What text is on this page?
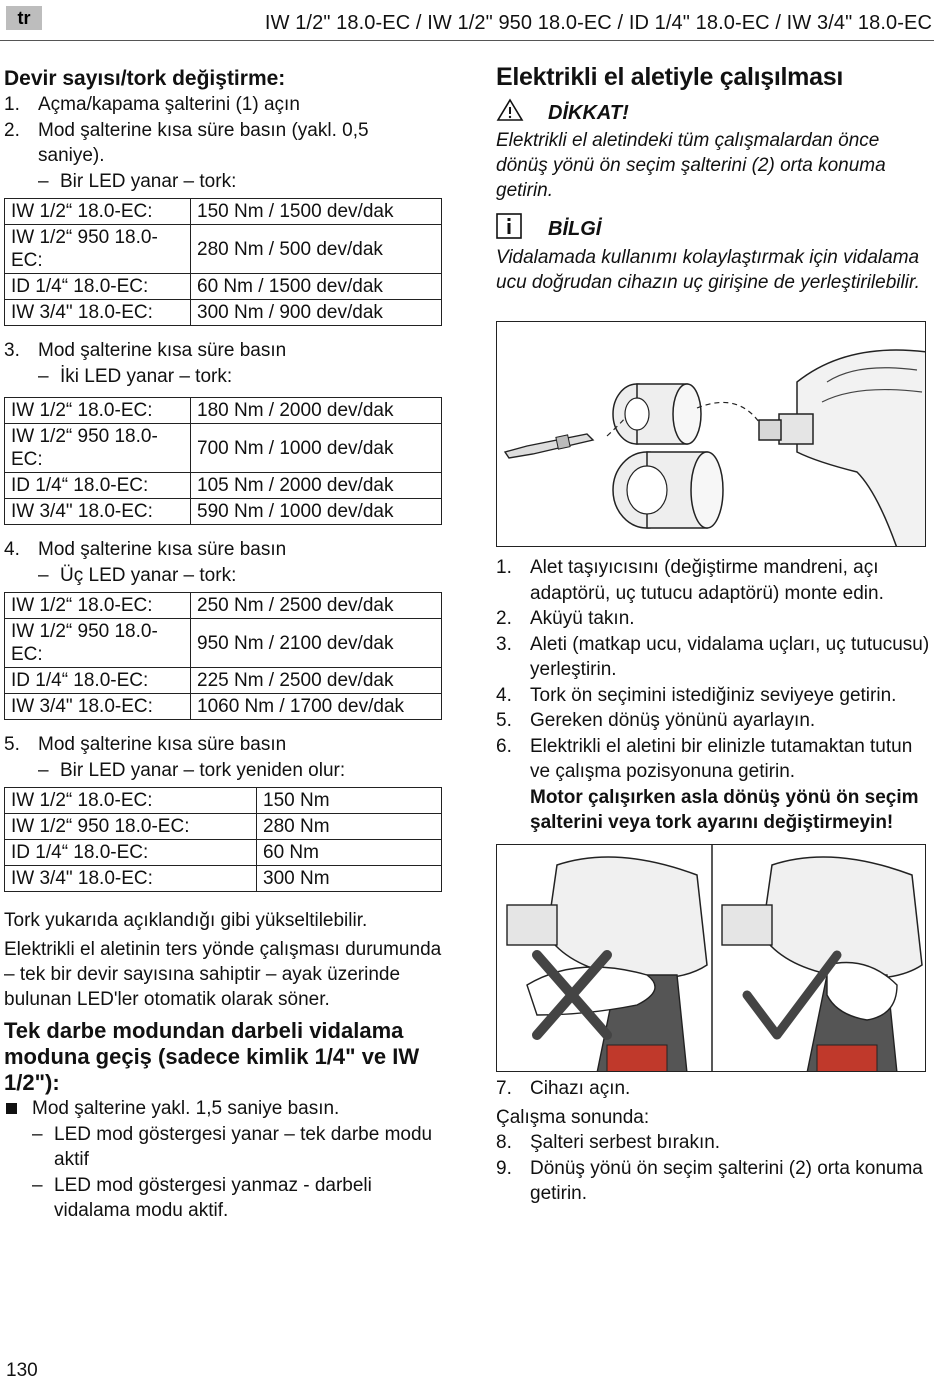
tr	IW 1/2" 18.0-EC / IW 1/2" 950 18.0-EC / ID 1/4" 18.0-EC / IW 3/4" 18.0-EC
Devir sayısı/tork değiştirme:
1. Açma/kapama şalterini (1) açın
2. Mod şalterine kısa süre basın (yakl. 0,5 saniye).
– Bir LED yanar – tork:
IW 1/2“ 18.0-EC:	150 Nm / 1500 dev/dak
IW 1/2“ 950 18.0-EC:	280 Nm / 500 dev/dak
ID 1/4“ 18.0-EC:	60 Nm / 1500 dev/dak
IW 3/4" 18.0-EC:	300 Nm / 900 dev/dak
3. Mod şalterine kısa süre basın
– İki LED yanar – tork:
IW 1/2“ 18.0-EC:	180 Nm / 2000 dev/dak
IW 1/2“ 950 18.0-EC:	700 Nm / 1000 dev/dak
ID 1/4“ 18.0-EC:	105 Nm / 2000 dev/dak
IW 3/4" 18.0-EC:	590 Nm / 1000 dev/dak
4. Mod şalterine kısa süre basın
– Üç LED yanar – tork:
IW 1/2“ 18.0-EC:	250 Nm / 2500 dev/dak
IW 1/2“ 950 18.0-EC:	950 Nm / 2100 dev/dak
ID 1/4“ 18.0-EC:	225 Nm / 2500 dev/dak
IW 3/4" 18.0-EC:	1060 Nm / 1700 dev/dak
5. Mod şalterine kısa süre basın
– Bir LED yanar – tork yeniden olur:
IW 1/2“ 18.0-EC:	150 Nm
IW 1/2“ 950 18.0-EC:	280 Nm
ID 1/4“ 18.0-EC:	60 Nm
IW 3/4" 18.0-EC:	300 Nm

Tork yukarıda açıklandığı gibi yükseltilebilir.

Elektrikli el aletinin ters yönde çalışması durumunda – tek bir devir sayısına sahiptir – ayak üzerinde bulunan LED'ler otomatik olarak söner.

Tek darbe modundan darbeli vidalama moduna geçiş (sadece kimlik 1/4" ve IW 1/2"):
Mod şalterine yakl. 1,5 saniye basın.
– LED mod göstergesi yanar – tek darbe modu aktif
– LED mod göstergesi yanmaz - darbeli vidalama modu aktif.
Elektrikli el aletiyle çalışılması
DİKKAT!

Elektrikli el aletindeki tüm çalışmalardan önce dönüş yönü ön seçim şalterini (2) orta konuma getirin.

BİLGİ

Vidalamada kullanımı kolaylaştırmak için vidalama ucu doğrudan cihazın uç girişine de yerleştirilebilir.

1. Alet taşıyıcısını (değiştirme mandreni, açı adaptörü, uç tutucu adaptörü) monte edin.
2. Aküyü takın.
3. Aleti (matkap ucu, vidalama uçları, uç tutucusu) yerleştirin.
4. Tork ön seçimini istediğiniz seviyeye getirin.
5. Gereken dönüş yönünü ayarlayın.
6. Elektrikli el aletini bir elinizle tutamaktan tutun ve çalışma pozisyonuna getirin.
Motor çalışırken asla dönüş yönü ön seçim şalterini veya tork ayarını değiştirmeyin!
7. Cihazı açın.

Çalışma sonunda:

8. Şalteri serbest bırakın.
9. Dönüş yönü ön seçim şalterini (2) orta konuma getirin.
130
